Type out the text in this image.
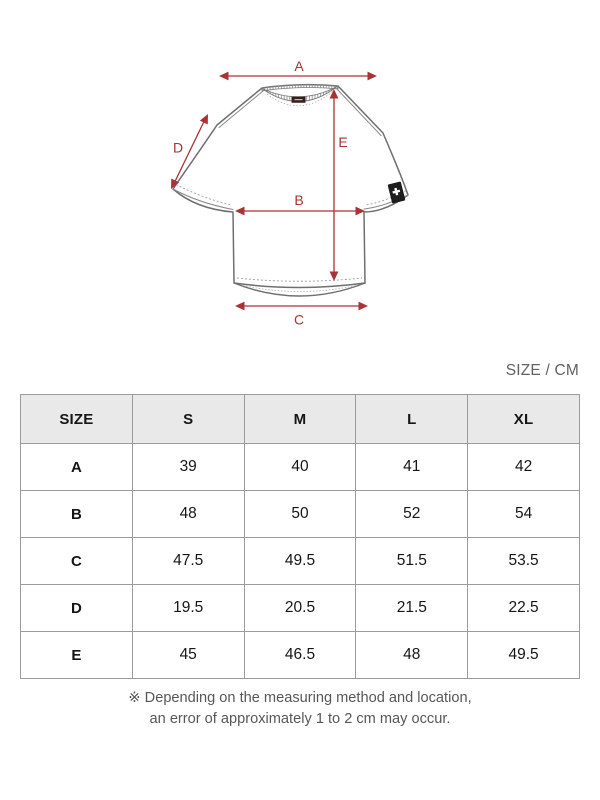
A
B
C
D	E
SIZE / CM
SIZE	S	M	L	XL
A	39	40	41	42
B	48	50	52	54
C	47.5	49.5	51.5	53.5
D	19.5	20.5	21.5	22.5
E	45	46.5	48	49.5
※ Depending on the measuring method and location,
an error of approximately 1 to 2 cm may occur.
